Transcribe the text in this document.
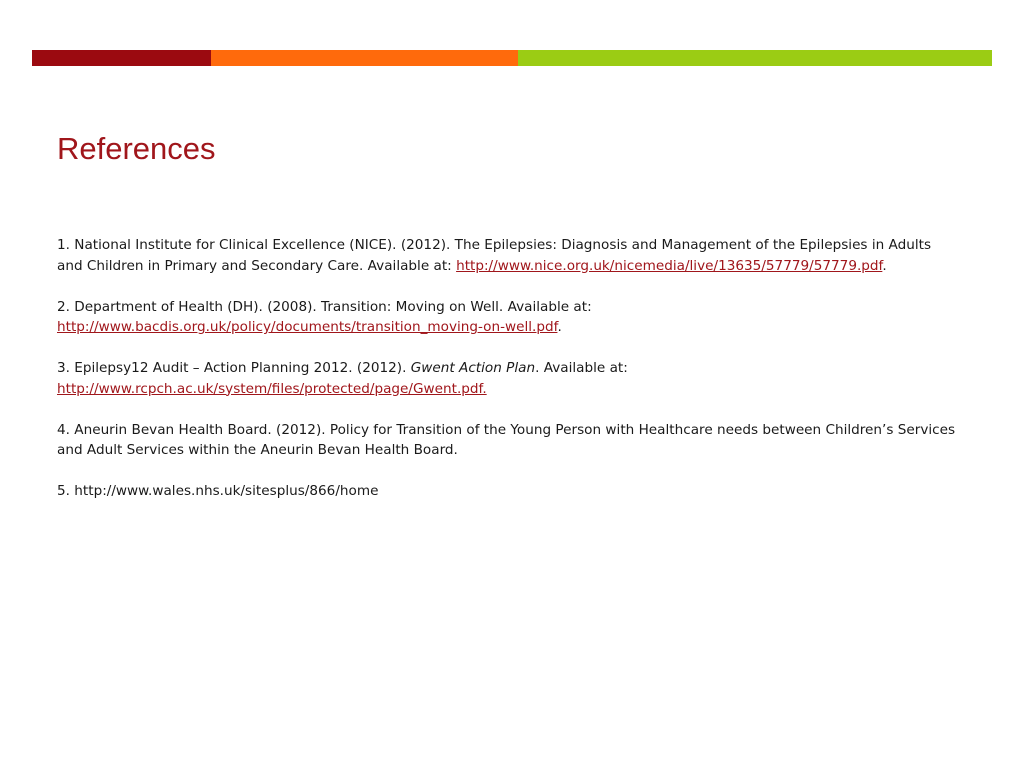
References

1. National Institute for Clinical Excellence (NICE). (2012). The Epilepsies: Diagnosis and Management of the Epilepsies in Adults and Children in Primary and Secondary Care. Available at: http://www.nice.org.uk/nicemedia/live/13635/57779/57779.pdf.

2. Department of Health (DH). (2008). Transition: Moving on Well. Available at:
http://www.bacdis.org.uk/policy/documents/transition_moving-on-well.pdf.

3. Epilepsy12 Audit – Action Planning 2012. (2012). Gwent Action Plan. Available at:
http://www.rcpch.ac.uk/system/files/protected/page/Gwent.pdf.

4. Aneurin Bevan Health Board. (2012). Policy for Transition of the Young Person with Healthcare needs between Children’s Services and Adult Services within the Aneurin Bevan Health Board.

5. http://www.wales.nhs.uk/sitesplus/866/home
